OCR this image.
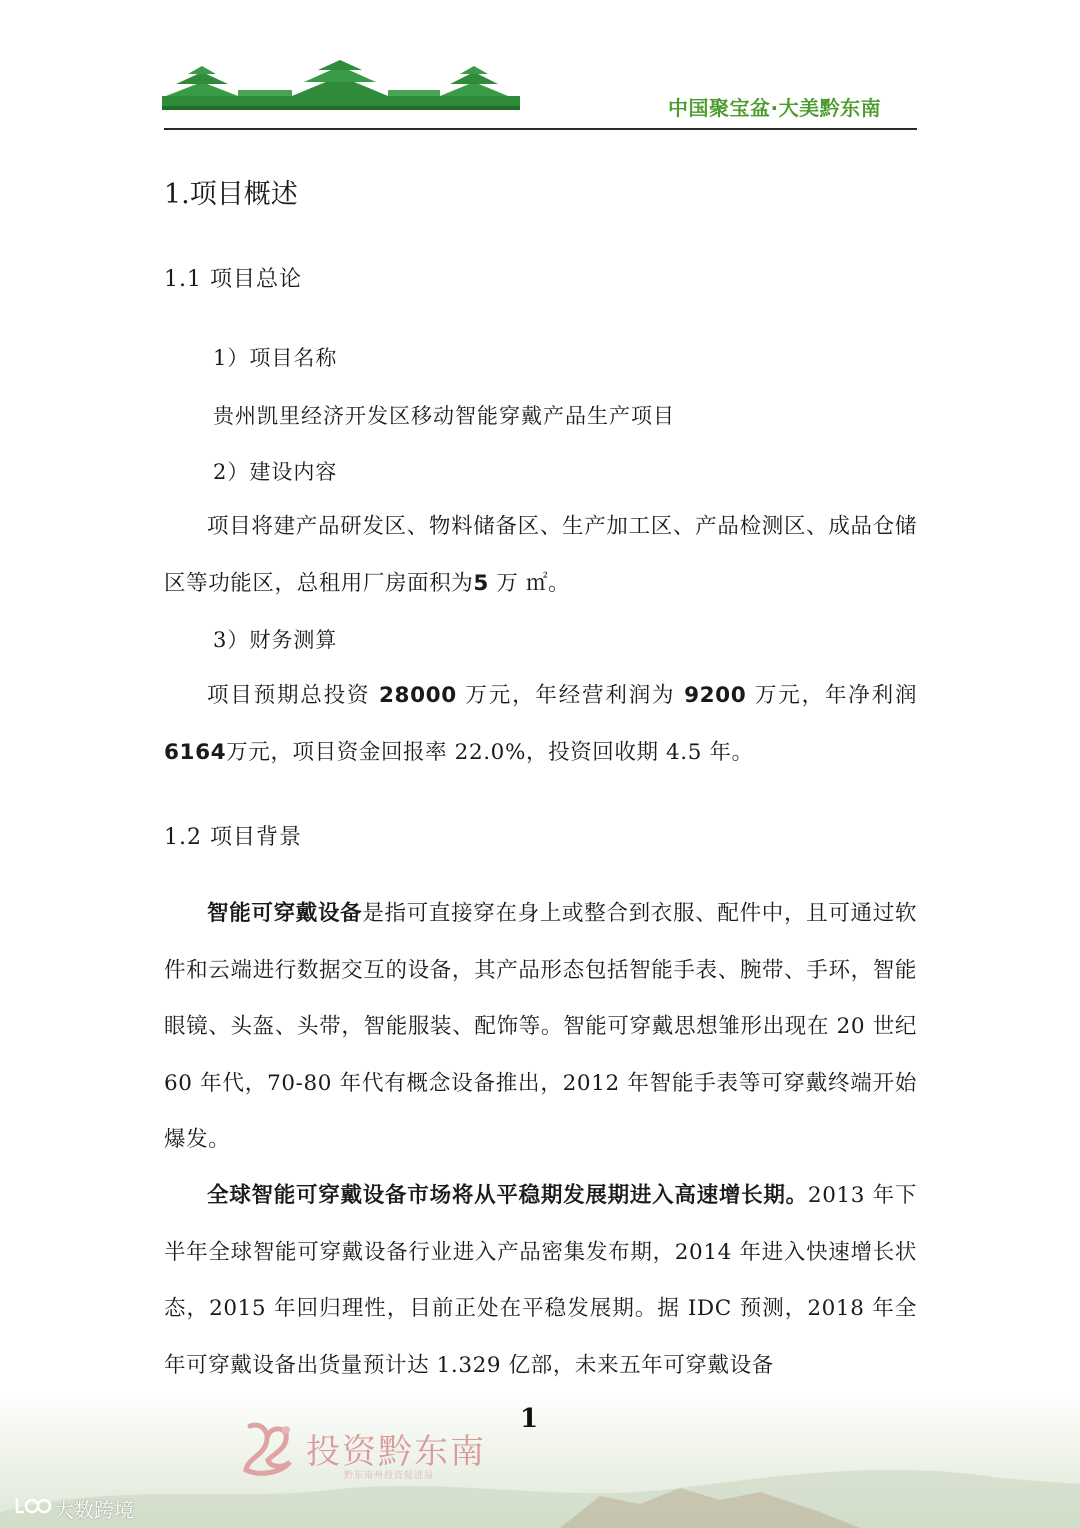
中国聚宝盆·大美黔东南
1.项目概述
1.1 项目总论
1）项目名称
贵州凯里经济开发区移动智能穿戴产品生产项目
2）建设内容
项目将建产品研发区、物料储备区、生产加工区、产品检测区、成品仓储区等功能区，总租用厂房面积为5 万 ㎡。
3）财务测算
项目预期总投资 28000 万元，年经营利润为 9200 万元，年净利润 6164万元，项目资金回报率 22.0%，投资回收期 4.5 年。
1.2 项目背景
智能可穿戴设备是指可直接穿在身上或整合到衣服、配件中，且可通过软件和云端进行数据交互的设备，其产品形态包括智能手表、腕带、手环，智能眼镜、头盔、头带，智能服装、配饰等。智能可穿戴思想雏形出现在 20 世纪 60 年代，70-80 年代有概念设备推出，2012 年智能手表等可穿戴终端开始爆发。
全球智能可穿戴设备市场将从平稳期发展期进入高速增长期。2013 年下半年全球智能可穿戴设备行业进入产品密集发布期，2014 年进入快速增长状态，2015 年回归理性，目前正处在平稳发展期。据 IDC 预测，2018 年全年可穿戴设备出货量预计达 1.329 亿部，未来五年可穿戴设备
1
投资黔东南
黔东南州投资促进局
大数跨境
